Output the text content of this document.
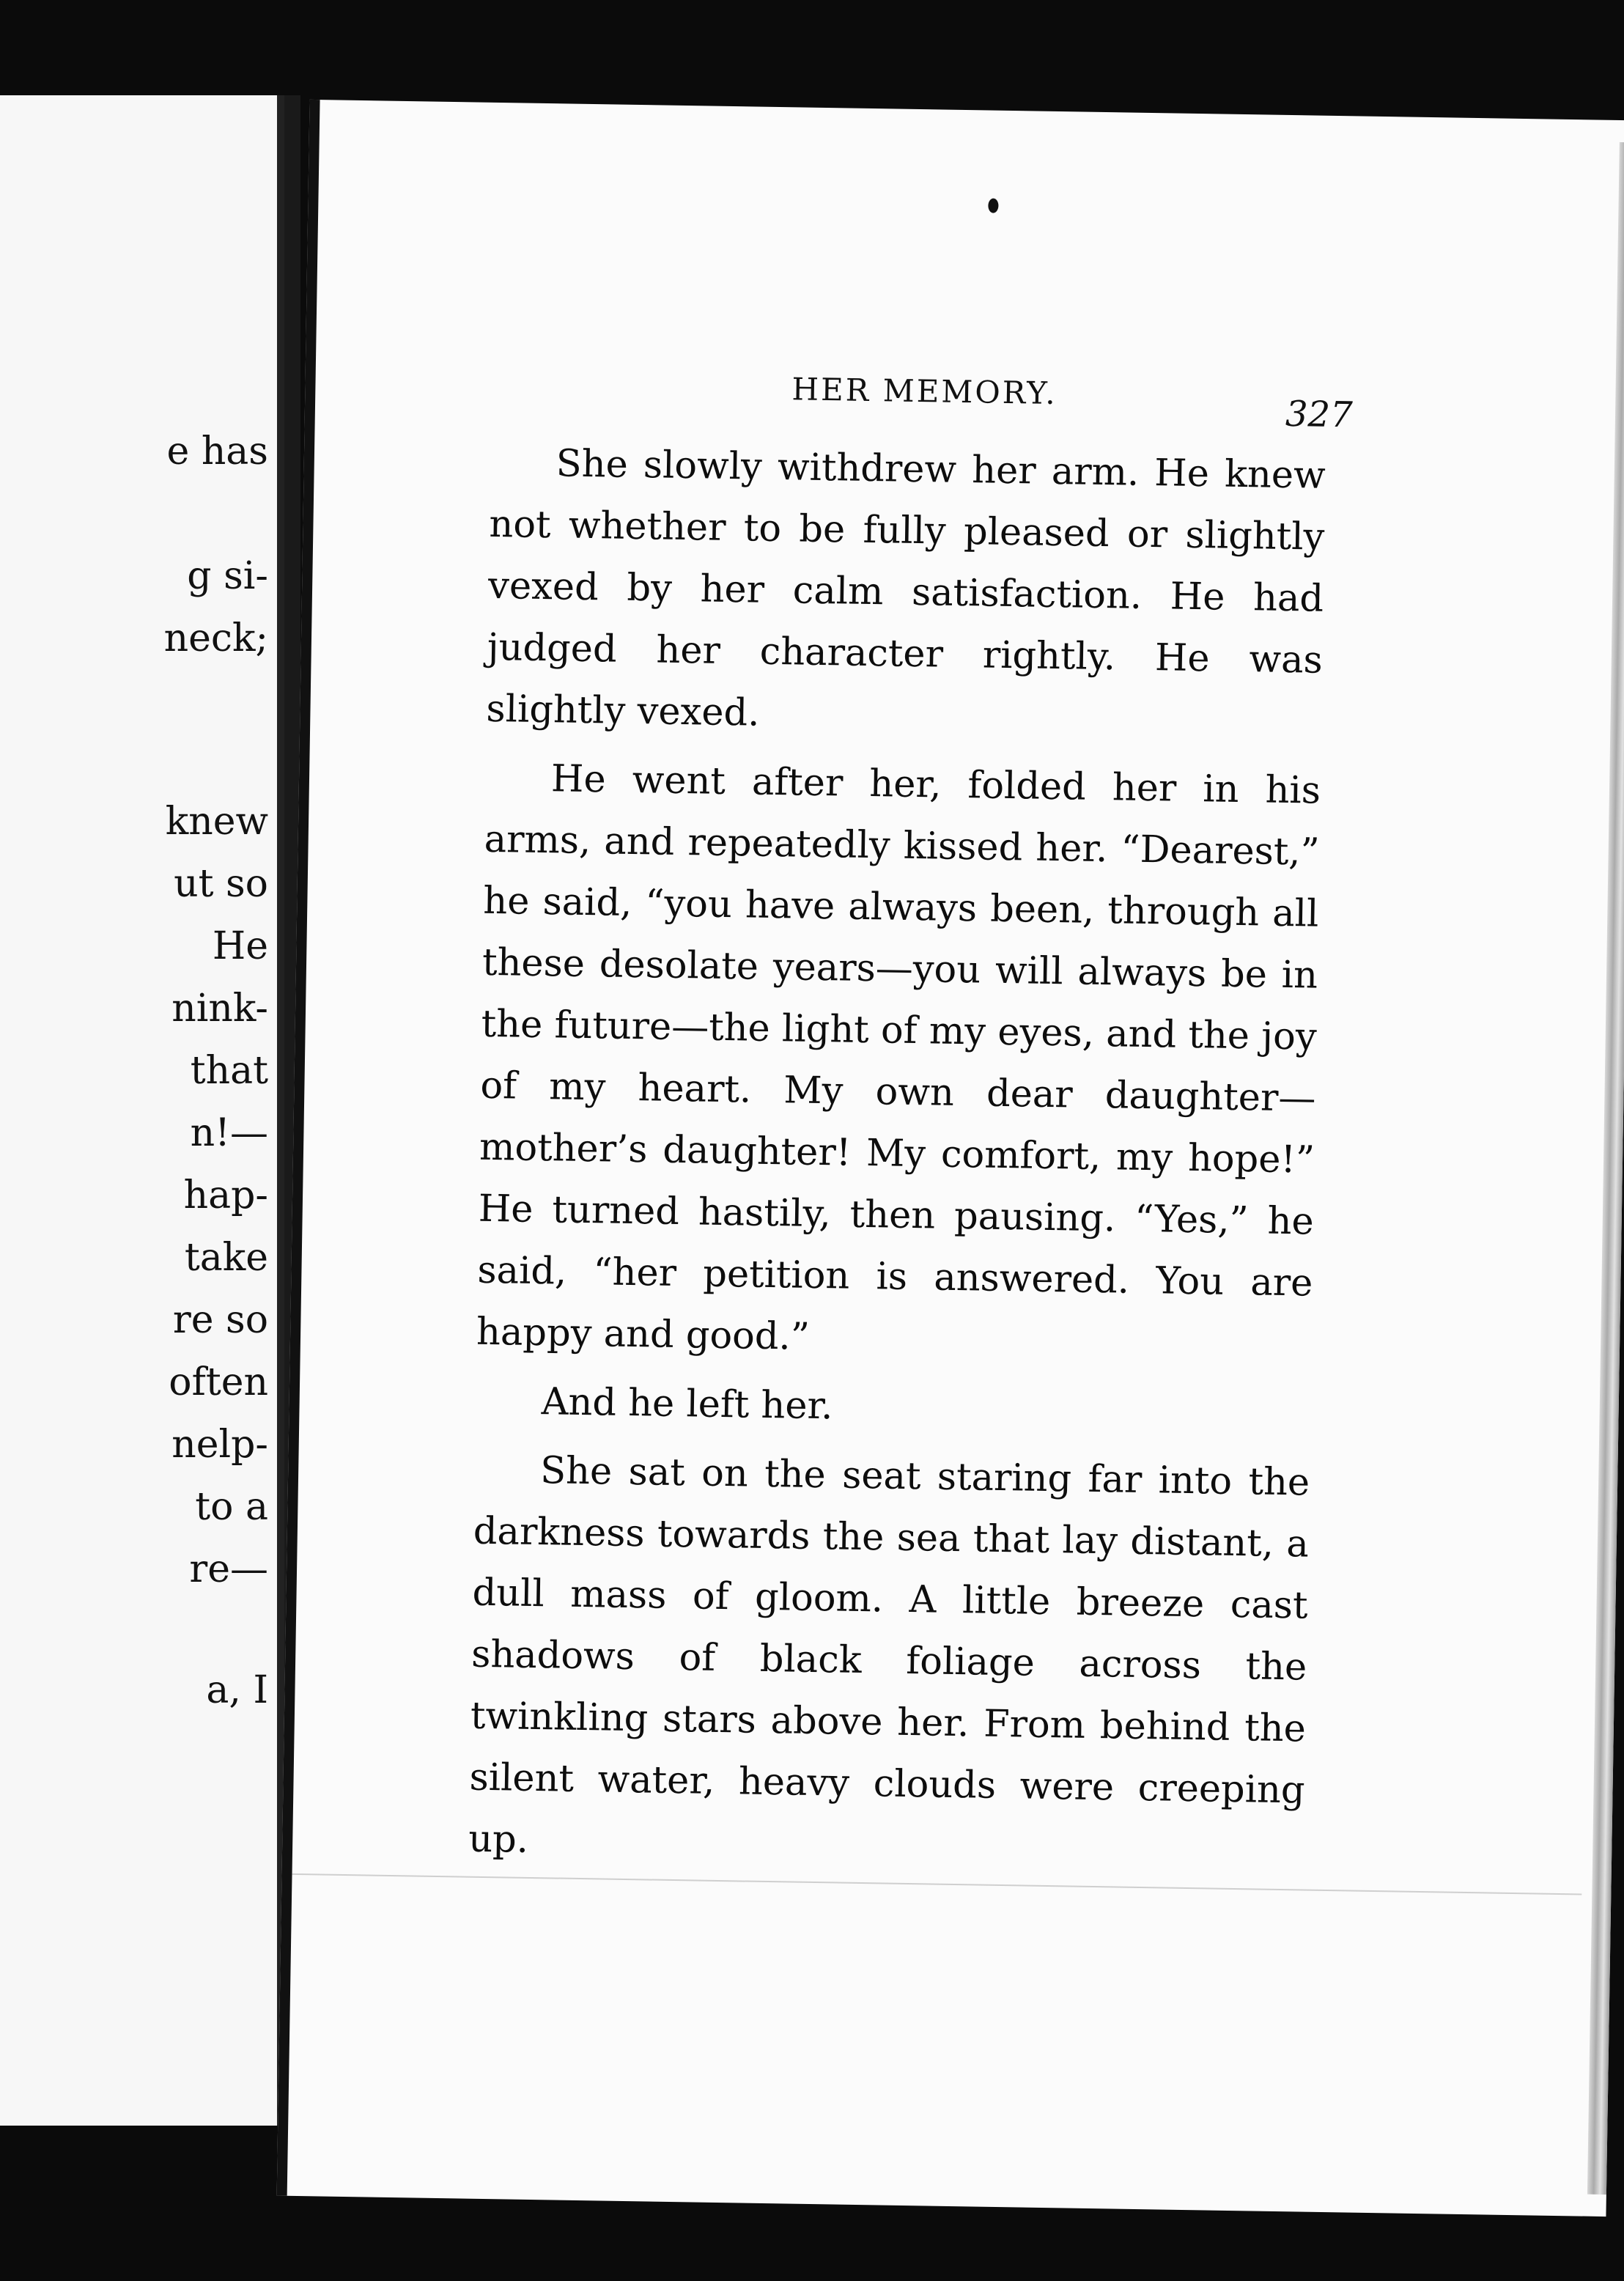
e has
g si-
neck;
knew
ut so
He
nink-
that
n!—
hap-
take
re so
often
nelp-
to a
re—
a, I
HER MEMORY.
327

She slowly withdrew her arm. He knew not whether to be fully pleased or slightly vexed by her calm satisfaction. He had judged her character rightly. He was slightly vexed.

He went after her, folded her in his arms, and repeatedly kissed her. “Dearest,” he said, “you have always been, through all these desolate years—you will always be in the future—the light of my eyes, and the joy of my heart. My own dear daughter—mother’s daughter! My comfort, my hope!” He turned hastily, then pausing. “Yes,” he said, “her petition is answered. You are happy and good.”

And he left her.

She sat on the seat staring far into the darkness towards the sea that lay distant, a dull mass of gloom. A little breeze cast shadows of black foliage across the twinkling stars above her. From behind the silent water, heavy clouds were creeping up.
